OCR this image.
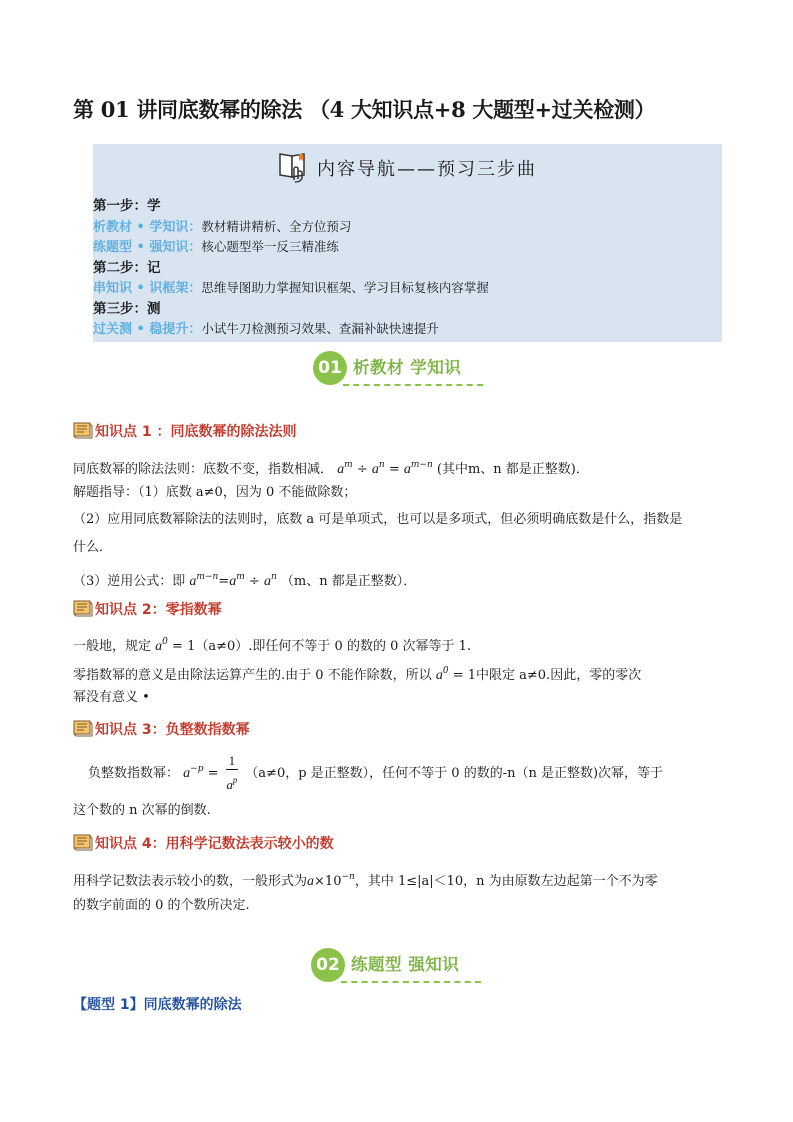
第 01 讲同底数幂的除法 （4 大知识点+8 大题型+过关检测）
内容导航——预习三步曲
第一步：学
析教材 • 学知识：教材精讲精析、全方位预习
练题型 • 强知识：核心题型举一反三精准练
第二步：记
串知识 • 识框架：思维导图助力掌握知识框架、学习目标复核内容掌握
第三步：测
过关测 • 稳提升：小试牛刀检测预习效果、查漏补缺快速提升
01 析教材 学知识
知识点 1 ：同底数幂的除法法则
同底数幂的除法法则：底数不变，指数相减． $a^m \div a^n = a^{m-n}$ (其中m、n 都是正整数)．
解题指导：（1）底数 a≠0，因为 0 不能做除数；
（2）应用同底数幂除法的法则时，底数 a 可是单项式，也可以是多项式，但必须明确底数是什么，指数是
什么．
（3）逆用公式：即 $a^{m-n}=a^m \div a^n$ （m、n 都是正整数）．
知识点 2：零指数幂
一般地，规定 $a^0 = 1(a\ne 0)$.即任何不等于 0 的数的 0 次幂等于 1.
零指数幂的意义是由除法运算产生的.由于 0 不能作除数，所以 $a^0 = 1$中限定 a≠0.因此，零的零次
幂没有意义 •
知识点 3：负整数指数幂
负整数指数幂： $a^{-p} = \frac{1}{a^p} (a\ne 0$，p 是正整数），任何不等于 0 的数的-n（n 是正整数)次幂，等于
这个数的 n 次幂的倒数.
知识点 4：用科学记数法表示较小的数
用科学记数法表示较小的数，一般形式为$a\times 10^{-n}$，其中 1≤|a|＜10，n 为由原数左边起第一个不为零
的数字前面的 0 的个数所决定.
02 练题型 强知识
【题型 1】同底数幂的除法
